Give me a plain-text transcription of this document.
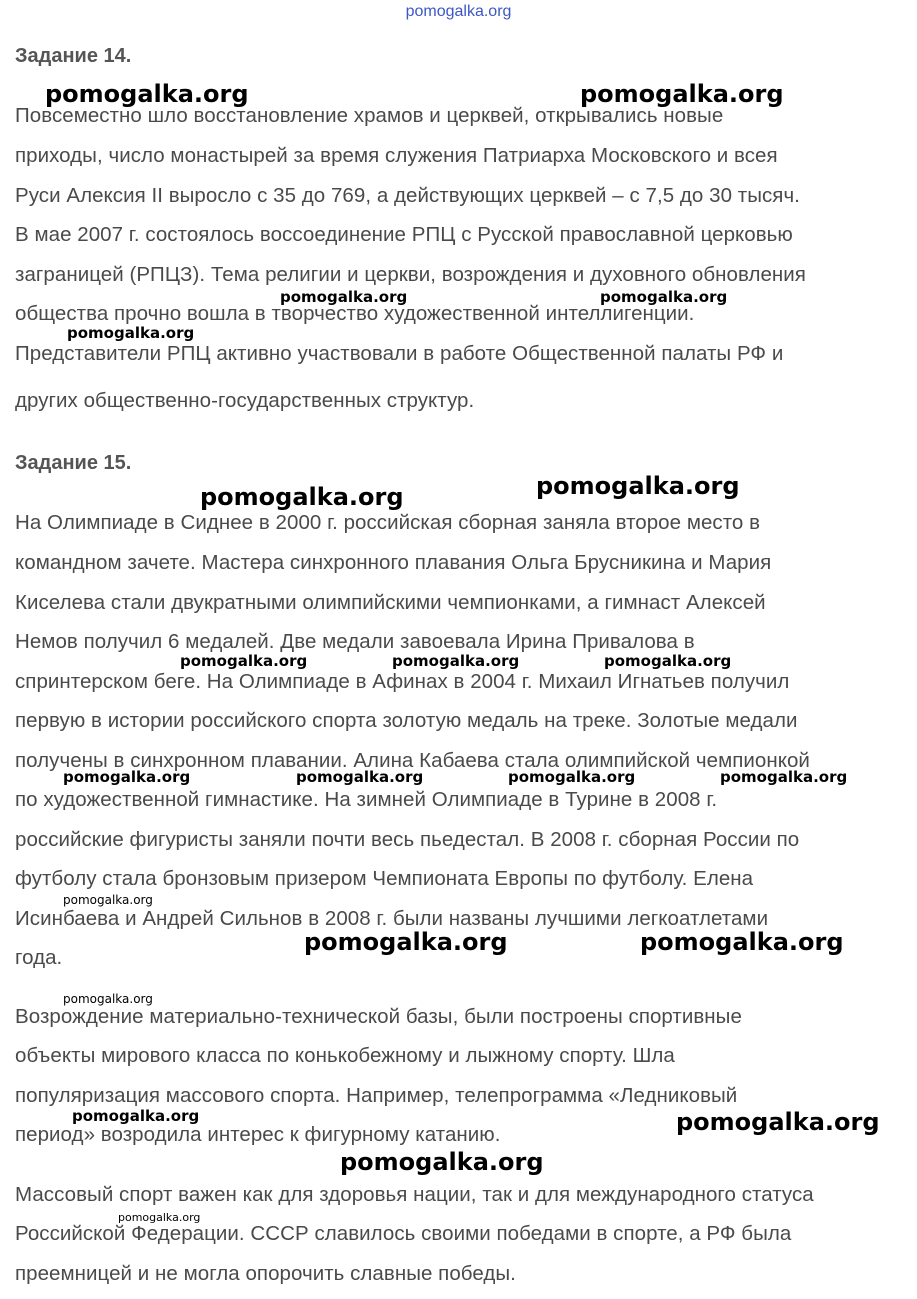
pomogalka.org
Задание 14.
Повсеместно шло восстановление храмов и церквей, открывались новые
приходы, число монастырей за время служения Патриарха Московского и всея
Руси Алексия II выросло с 35 до 769, а действующих церквей – с 7,5 до 30 тысяч.
В мае 2007 г. состоялось воссоединение РПЦ с Русской православной церковью
заграницей (РПЦЗ). Тема религии и церкви, возрождения и духовного обновления
общества прочно вошла в творчество художественной интеллигенции.
Представители РПЦ активно участвовали в работе Общественной палаты РФ и
других общественно-государственных структур.
Задание 15.
На Олимпиаде в Сиднее в 2000 г. российская сборная заняла второе место в
командном зачете. Мастера синхронного плавания Ольга Брусникина и Мария
Киселева стали двукратными олимпийскими чемпионками, а гимнаст Алексей
Немов получил 6 медалей. Две медали завоевала Ирина Привалова в
спринтерском беге. На Олимпиаде в Афинах в 2004 г. Михаил Игнатьев получил
первую в истории российского спорта золотую медаль на треке. Золотые медали
получены в синхронном плавании. Алина Кабаева стала олимпийской чемпионкой
по художественной гимнастике. На зимней Олимпиаде в Турине в 2008 г.
российские фигуристы заняли почти весь пьедестал. В 2008 г. сборная России по
футболу стала бронзовым призером Чемпионата Европы по футболу. Елена
Исинбаева и Андрей Сильнов в 2008 г. были названы лучшими легкоатлетами
года.
Возрождение материально-технической базы, были построены спортивные
объекты мирового класса по конькобежному и лыжному спорту. Шла
популяризация массового спорта. Например, телепрограмма «Ледниковый
период» возродила интерес к фигурному катанию.
Массовый спорт важен как для здоровья нации, так и для международного статуса
Российской Федерации. СССР славилось своими победами в спорте, а РФ была
преемницей и не могла опорочить славные победы.
pomogalka.org	pomogalka.org
pomogalka.org	pomogalka.org
pomogalka.org
pomogalka.org	pomogalka.org
pomogalka.org	pomogalka.org	pomogalka.org
pomogalka.org	pomogalka.org	pomogalka.org	pomogalka.org
pomogalka.org
pomogalka.org	pomogalka.org
pomogalka.org
pomogalka.org	pomogalka.org
pomogalka.org
pomogalka.org
